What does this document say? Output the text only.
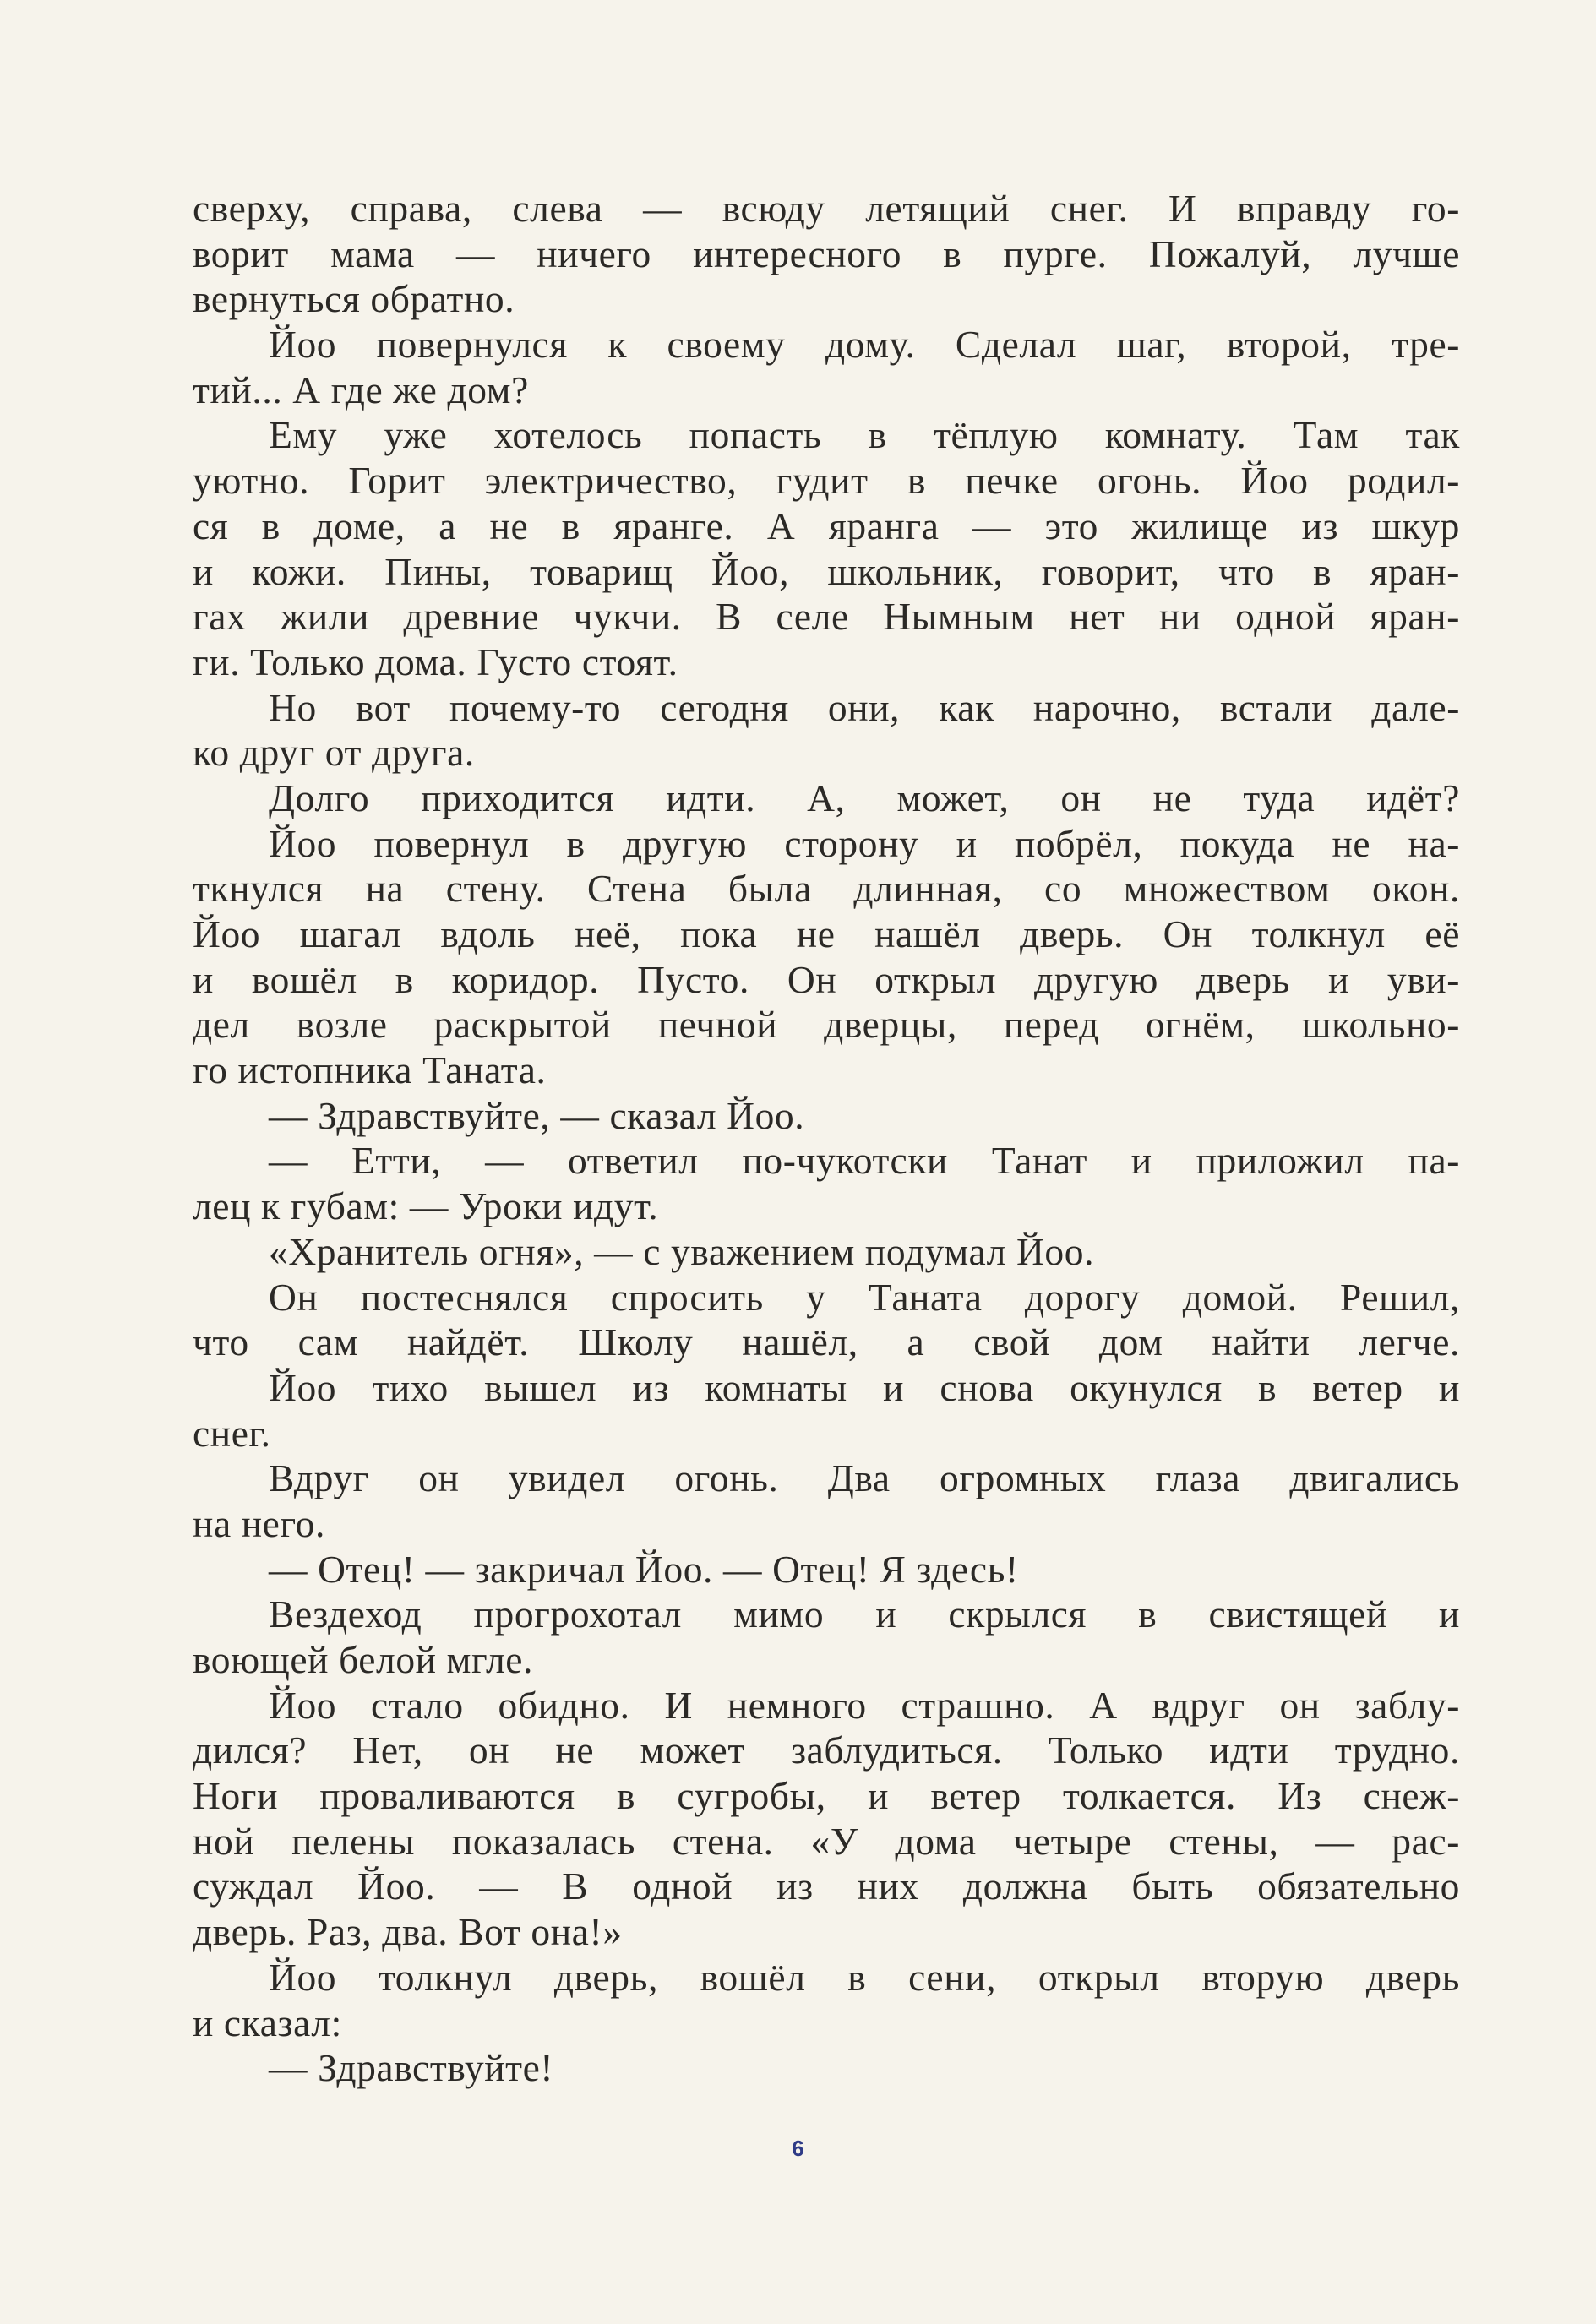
сверху, справа, слева — всюду летящий снег. И вправду го-
ворит мама — ничего интересного в пурге. Пожалуй, лучше
вернуться обратно.
Йоо повернулся к своему дому. Сделал шаг, второй, тре-
тий... А где же дом?
Ему уже хотелось попасть в тёплую комнату. Там так
уютно. Горит электричество, гудит в печке огонь. Йоо родил-
ся в доме, а не в яранге. А яранга — это жилище из шкур
и кожи. Пины, товарищ Йоо, школьник, говорит, что в яран-
гах жили древние чукчи. В селе Нымным нет ни одной яран-
ги. Только дома. Густо стоят.
Но вот почему-то сегодня они, как нарочно, встали дале-
ко друг от друга.
Долго приходится идти. А, может, он не туда идёт?
Йоо повернул в другую сторону и побрёл, покуда не на-
ткнулся на стену. Стена была длинная, со множеством окон.
Йоо шагал вдоль неё, пока не нашёл дверь. Он толкнул её
и вошёл в коридор. Пусто. Он открыл другую дверь и уви-
дел возле раскрытой печной дверцы, перед огнём, школьно-
го истопника Таната.
— Здравствуйте, — сказал Йоо.
— Етти, — ответил по-чукотски Танат и приложил па-
лец к губам: — Уроки идут.
«Хранитель огня», — с уважением подумал Йоо.
Он постеснялся спросить у Таната дорогу домой. Решил,
что сам найдёт. Школу нашёл, а свой дом найти легче.
Йоо тихо вышел из комнаты и снова окунулся в ветер и
снег.
Вдруг он увидел огонь. Два огромных глаза двигались
на него.
— Отец! — закричал Йоо. — Отец! Я здесь!
Вездеход прогрохотал мимо и скрылся в свистящей и
воющей белой мгле.
Йоо стало обидно. И немного страшно. А вдруг он заблу-
дился? Нет, он не может заблудиться. Только идти трудно.
Ноги проваливаются в сугробы, и ветер толкается. Из снеж-
ной пелены показалась стена. «У дома четыре стены, — рас-
суждал Йоо. — В одной из них должна быть обязательно
дверь. Раз, два. Вот она!»
Йоо толкнул дверь, вошёл в сени, открыл вторую дверь
и сказал:
— Здравствуйте!
6
